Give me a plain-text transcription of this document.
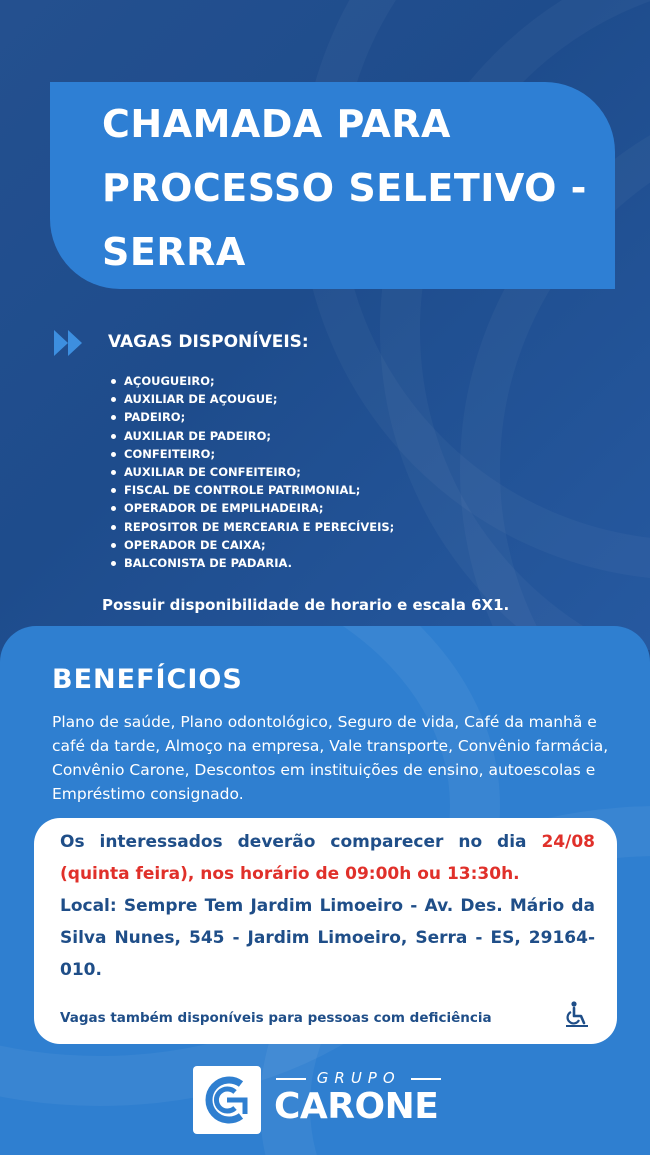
CHAMADA PARA PROCESSO SELETIVO - SERRA
VAGAS DISPONÍVEIS:
AÇOUGUEIRO;
AUXILIAR DE AÇOUGUE;
PADEIRO;
AUXILIAR DE PADEIRO;
CONFEITEIRO;
AUXILIAR DE CONFEITEIRO;
FISCAL DE CONTROLE PATRIMONIAL;
OPERADOR DE EMPILHADEIRA;
REPOSITOR DE MERCEARIA E PERECÍVEIS;
OPERADOR DE CAIXA;
BALCONISTA DE PADARIA.
Possuir disponibilidade de horario e escala 6X1.
BENEFÍCIOS
Plano de saúde, Plano odontológico, Seguro de vida, Café da manhã e café da tarde, Almoço na empresa, Vale transporte, Convênio farmácia, Convênio Carone, Descontos em instituições de ensino, autoescolas e Empréstimo consignado.
Os interessados deverão comparecer no dia 24/08 (quinta feira), nos horário de 09:00h ou 13:30h.
Local: Sempre Tem Jardim Limoeiro - Av. Des. Mário da Silva Nunes, 545 - Jardim Limoeiro, Serra - ES, 29164-010.
Vagas também disponíveis para pessoas com deficiência
GRUPO
CARONE
